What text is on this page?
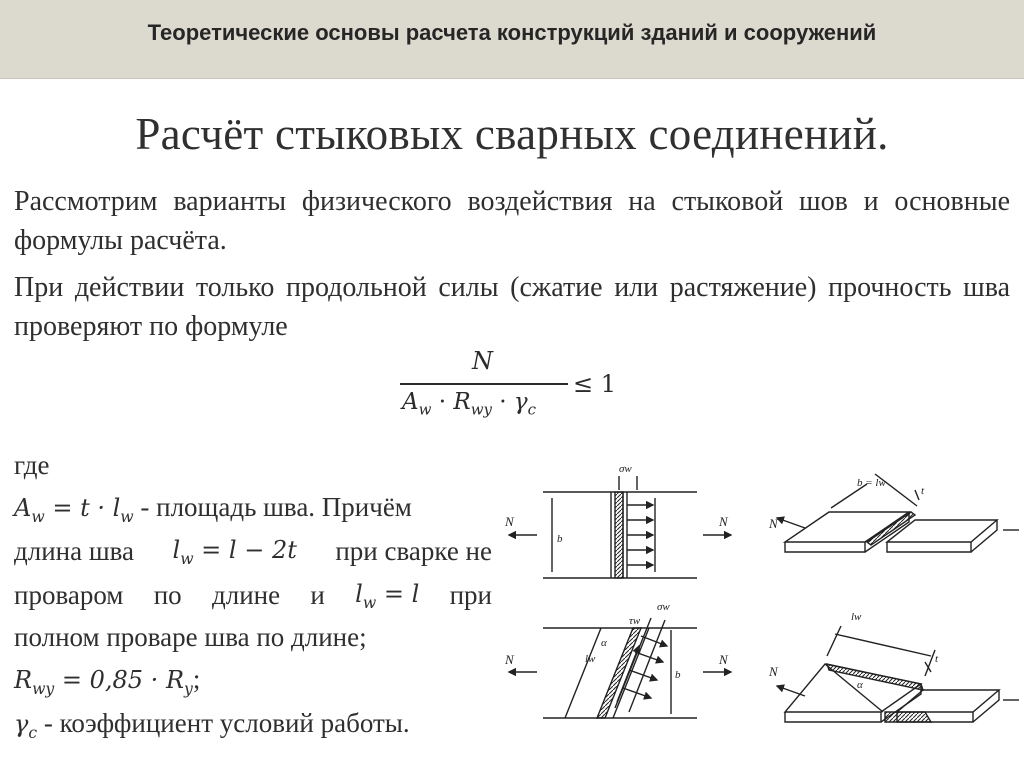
Теоретические основы расчета конструкций зданий и сооружений
Расчёт стыковых сварных соединений.
Рассмотрим варианты физического воздействия на стыковой шов и основные формулы расчёта.
При действии только продольной силы (сжатие или растяжение) прочность шва проверяют по формуле
N
$A_w \cdot R_{wy} \cdot \gamma_c$
≤ 1
где
$A_w = t \cdot l_w$ - площадь шва. Причём
длина шва $l_w = l - 2t$ при сварке не
проваром по длине и $l_w = l$ при
полном проваре шва по длине;
$R_{wy} = 0,85 \cdot R_y$;
$\gamma_c$ - коэффициент условий работы.
N	N	N
N	N
N
σw
σw
τw
b
b
b = lw
lw
lw
t
t
α
α
